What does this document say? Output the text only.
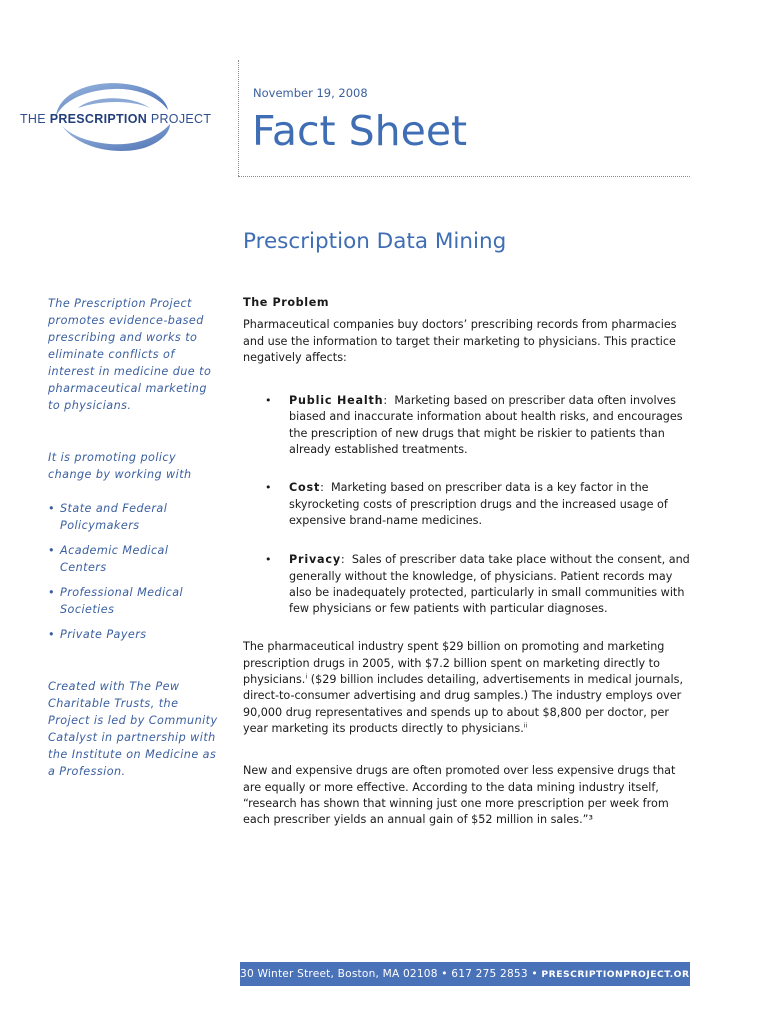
THE PRESCRIPTION PROJECT
November 19, 2008
Fact Sheet
Prescription Data Mining

The Prescription Project promotes evidence-based prescribing and works to eliminate conflicts of interest in medicine due to pharmaceutical marketing to physicians.

It is promoting policy change by working with

• State and Federal Policymakers
• Academic Medical Centers
• Professional Medical Societies
• Private Payers

Created with The Pew Charitable Trusts, the Project is led by Community Catalyst in partnership with the Institute on Medicine as a Profession.

The Problem

Pharmaceutical companies buy doctors’ prescribing records from pharmacies and use the information to target their marketing to physicians. This practice negatively affects:

• Public Health:  Marketing based on prescriber data often involves biased and inaccurate information about health risks, and encourages the prescription of new drugs that might be riskier to patients than already established treatments.
• Cost:  Marketing based on prescriber data is a key factor in the skyrocketing costs of prescription drugs and the increased usage of expensive brand-name medicines.
• Privacy:  Sales of prescriber data take place without the consent, and generally without the knowledge, of physicians. Patient records may also be inadequately protected, particularly in small communities with few physicians or few patients with particular diagnoses.

The pharmaceutical industry spent $29 billion on promoting and marketing prescription drugs in 2005, with $7.2 billion spent on marketing directly to physicians.$^i$ ($29 billion includes detailing, advertisements in medical journals, direct-to-consumer advertising and drug samples.) The industry employs over 90,000 drug representatives and spends up to about $8,800 per doctor, per year marketing its products directly to physicians.$^{ii}$

New and expensive drugs are often promoted over less expensive drugs that are equally or more effective. According to the data mining industry itself, “research has shown that winning just one more prescription per week from each prescriber yields an annual gain of $52 million in sales.”³

30 Winter Street, Boston, MA 02108 • 617 275 2853 • PRESCRIPTIONPROJECT.ORG
